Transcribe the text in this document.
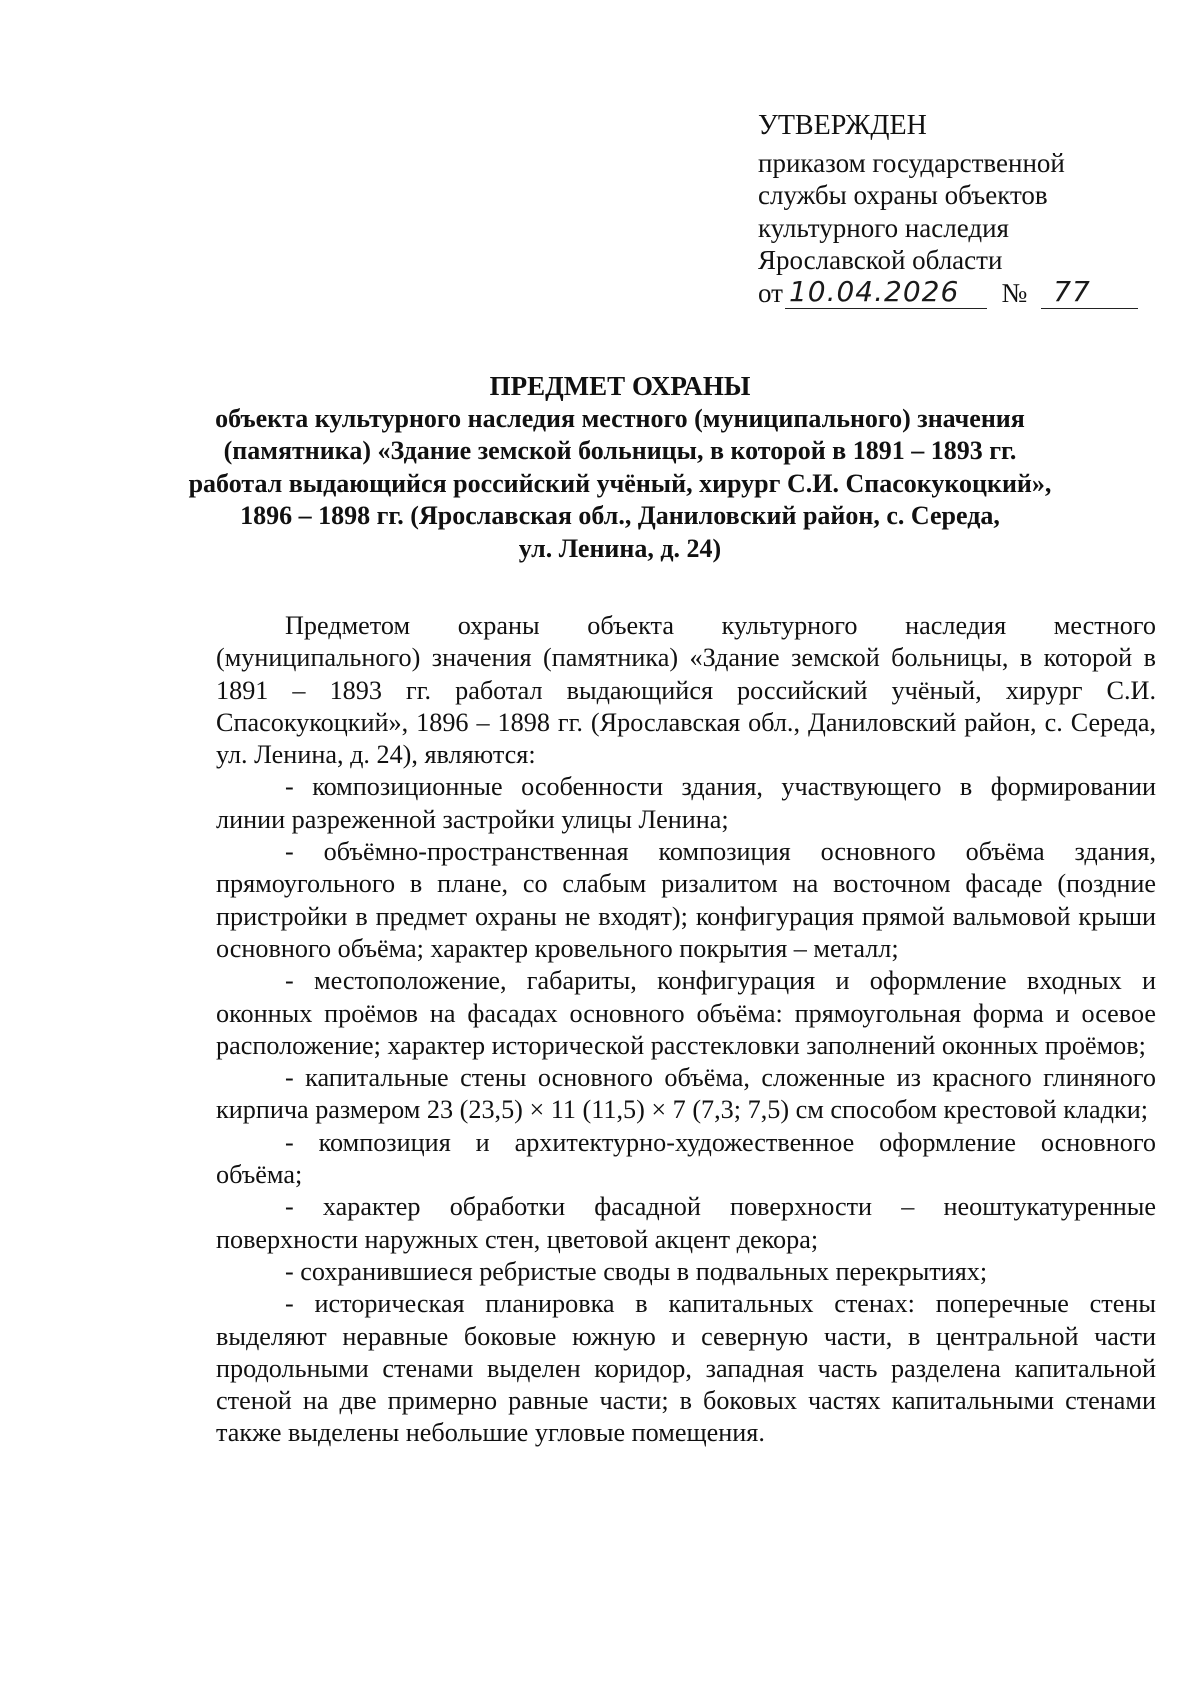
УТВЕРЖДЕН
приказом государственной
службы охраны объектов
культурного наследия
Ярославской области
от 10.04.2026	№ 77
ПРЕДМЕТ ОХРАНЫ
объекта культурного наследия местного (муниципального) значения
(памятника) «Здание земской больницы, в которой в 1891 – 1893 гг.
работал выдающийся российский учёный, хирург С.И. Спасокукоцкий»,
1896 – 1898 гг. (Ярославская обл., Даниловский район, с. Середа,
ул. Ленина, д. 24)

Предметом охраны объекта культурного наследия местного (муниципального) значения (памятника) «Здание земской больницы, в которой в 1891 – 1893 гг. работал выдающийся российский учёный, хирург С.И. Спасокукоцкий», 1896 – 1898 гг. (Ярославская обл., Даниловский район, с. Середа, ул. Ленина, д. 24), являются:

- композиционные особенности здания, участвующего в формировании линии разреженной застройки улицы Ленина;

- объёмно-пространственная композиция основного объёма здания, прямоугольного в плане, со слабым ризалитом на восточном фасаде (поздние пристройки в предмет охраны не входят); конфигурация прямой вальмовой крыши основного объёма; характер кровельного покрытия – металл;

- местоположение, габариты, конфигурация и оформление входных и оконных проёмов на фасадах основного объёма: прямоугольная форма и осевое расположение; характер исторической расстекловки заполнений оконных проёмов;

- капитальные стены основного объёма, сложенные из красного глиняного кирпича размером 23 (23,5) × 11 (11,5) × 7 (7,3; 7,5) см способом крестовой кладки;

- композиция и архитектурно-художественное оформление основного объёма;

- характер обработки фасадной поверхности – неоштукатуренные поверхности наружных стен, цветовой акцент декора;

- сохранившиеся ребристые своды в подвальных перекрытиях;

- историческая планировка в капитальных стенах: поперечные стены выделяют неравные боковые южную и северную части, в центральной части продольными стенами выделен коридор, западная часть разделена капитальной стеной на две примерно равные части; в боковых частях капитальными стенами также выделены небольшие угловые помещения.
